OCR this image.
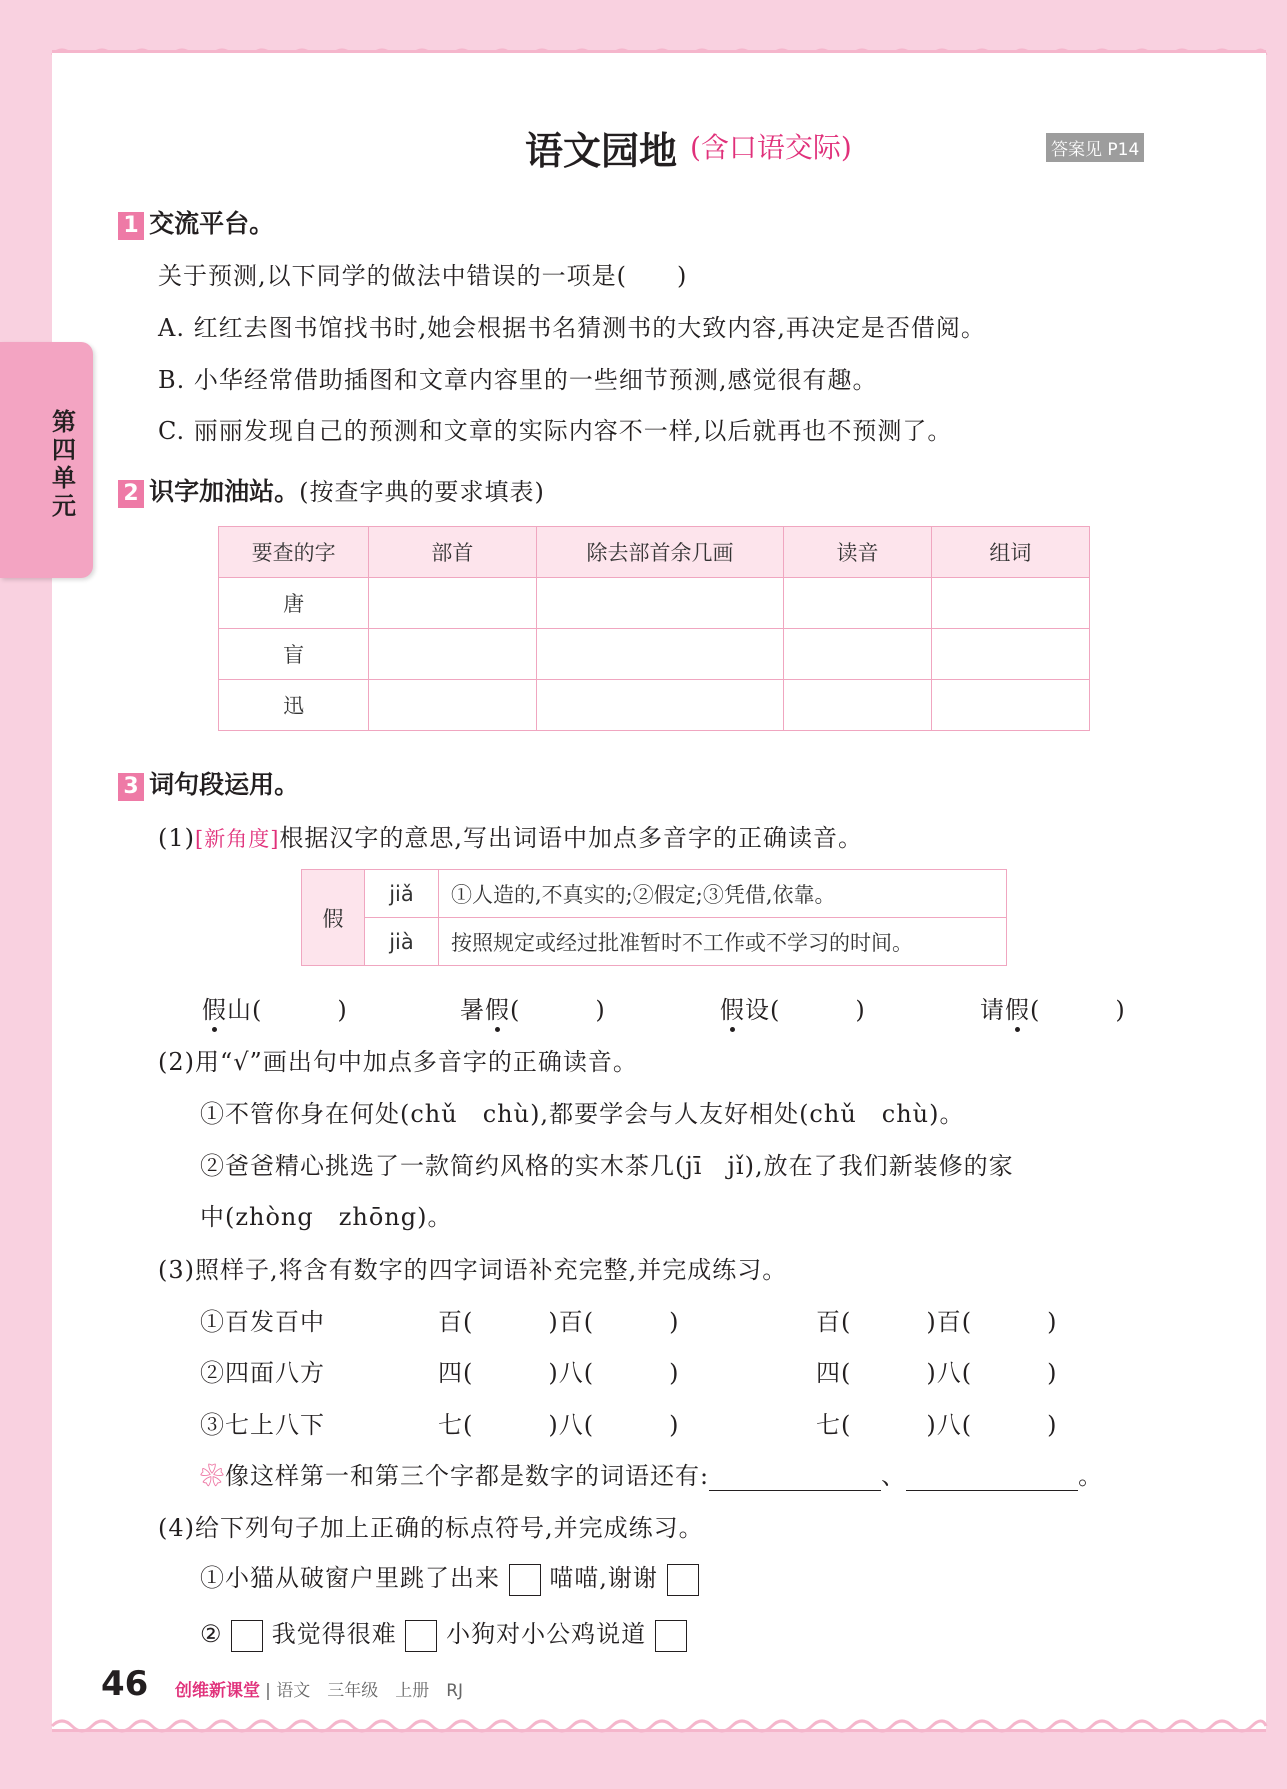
第四单元
语文园地 (含口语交际)	答案见 P14
1 交流平台。
关于预测,以下同学的做法中错误的一项是(　　)
A. 红红去图书馆找书时,她会根据书名猜测书的大致内容,再决定是否借阅。
B. 小华经常借助插图和文章内容里的一些细节预测,感觉很有趣。
C. 丽丽发现自己的预测和文章的实际内容不一样,以后就再也不预测了。
2 识字加油站。(按查字典的要求填表)
要查的字	部首	除去部首余几画	读音	组词
唐				
盲				
迅				
3 词句段运用。
(1)[新角度]根据汉字的意思,写出词语中加点多音字的正确读音。
假	jiǎ	①人造的,不真实的;②假定;③凭借,依靠。
	jià	按照规定或经过批准暂时不工作或不学习的时间。
假山(　　　)	暑假(　　　)	假设(　　　)	请假(　　　)
(2)用“√”画出句中加点多音字的正确读音。
①不管你身在何处(chǔ　chù),都要学会与人友好相处(chǔ　chù)。
②爸爸精心挑选了一款简约风格的实木茶几(jī　jǐ),放在了我们新装修的家
中(zhòng　zhōng)。
(3)照样子,将含有数字的四字词语补充完整,并完成练习。
①百发百中	百(　　　)百(　　　)	百(　　　)百(　　　)
②四面八方	四(　　　)八(　　　)	四(　　　)八(　　　)
③七上八下	七(　　　)八(　　　)	七(　　　)八(　　　)
❀像这样第一和第三个字都是数字的词语还有:	、	。
(4)给下列句子加上正确的标点符号,并完成练习。
①小猫从破窗户里跳了出来 喵喵,谢谢
② 我觉得很难 小狗对小公鸡说道
46 创维新课堂 | 语文　三年级　上册　RJ
